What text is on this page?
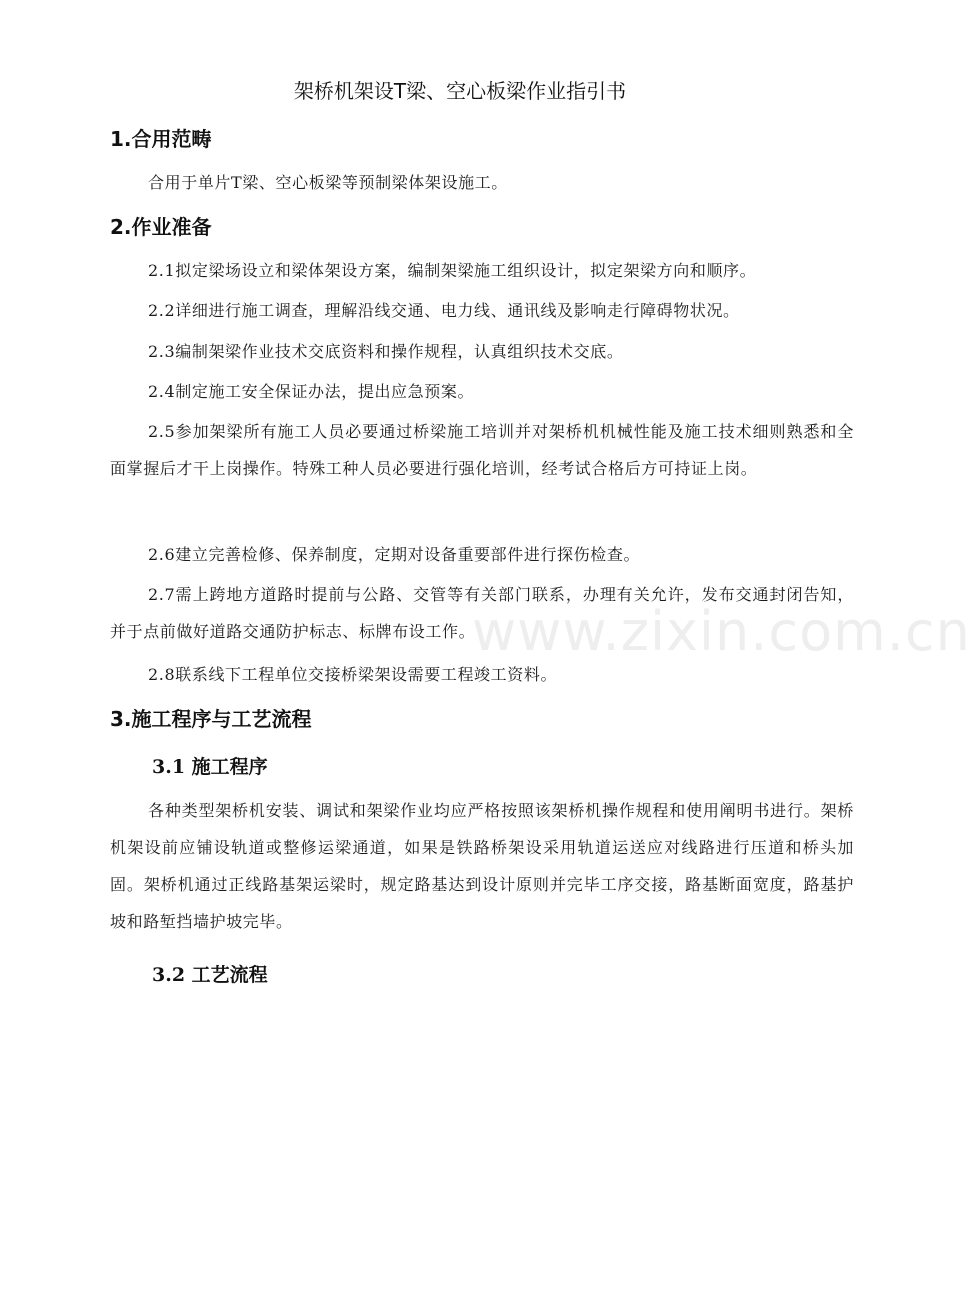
www.zixin.com.cn
架桥机架设T梁、空心板梁作业指引书
1.合用范畴
合用于单片T梁、空心板梁等预制梁体架设施工。
2.作业准备
2.1拟定梁场设立和梁体架设方案，编制架梁施工组织设计，拟定架梁方向和顺序。
2.2详细进行施工调查，理解沿线交通、电力线、通讯线及影响走行障碍物状况。
2.3编制架梁作业技术交底资料和操作规程，认真组织技术交底。
2.4制定施工安全保证办法，提出应急预案。
2.5参加架梁所有施工人员必要通过桥梁施工培训并对架桥机机械性能及施工技术细则熟悉和全面掌握后才干上岗操作。特殊工种人员必要进行强化培训，经考试合格后方可持证上岗。
2.6建立完善检修、保养制度，定期对设备重要部件进行探伤检查。
2.7需上跨地方道路时提前与公路、交管等有关部门联系，办理有关允许，发布交通封闭告知，并于点前做好道路交通防护标志、标牌布设工作。
2.8联系线下工程单位交接桥梁架设需要工程竣工资料。
3.施工程序与工艺流程
3.1 施工程序
各种类型架桥机安装、调试和架梁作业均应严格按照该架桥机操作规程和使用阐明书进行。架桥机架设前应铺设轨道或整修运梁通道，如果是铁路桥架设采用轨道运送应对线路进行压道和桥头加固。架桥机通过正线路基架运梁时，规定路基达到设计原则并完毕工序交接，路基断面宽度，路基护坡和路堑挡墙护坡完毕。
3.2 工艺流程
